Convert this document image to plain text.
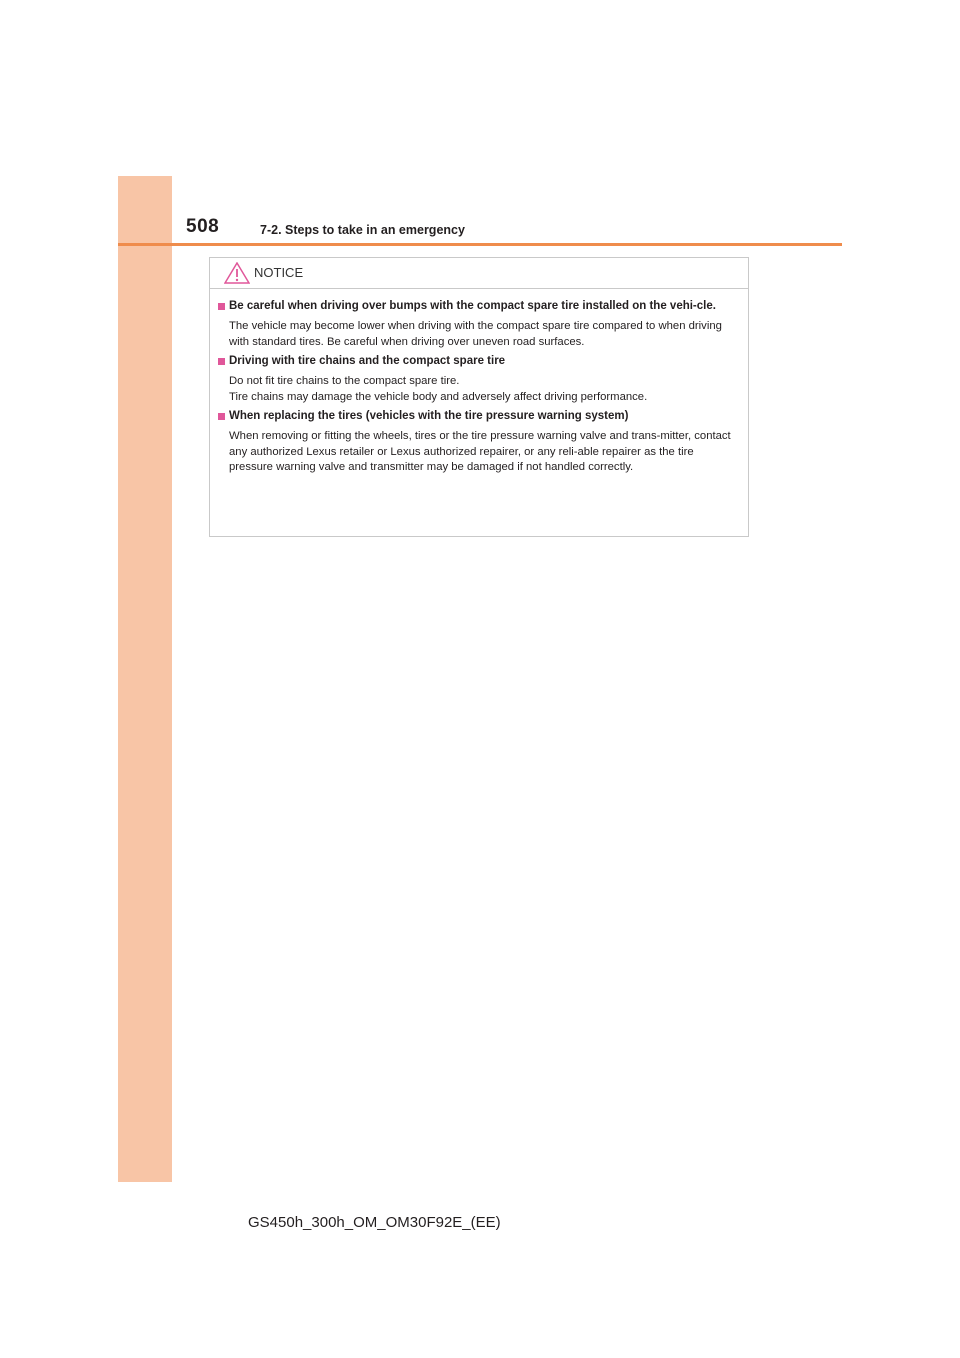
508	7-2. Steps to take in an emergency
NOTICE
Be careful when driving over bumps with the compact spare tire installed on the vehi-cle.

The vehicle may become lower when driving with the compact spare tire compared to when driving with standard tires. Be careful when driving over uneven road surfaces.

Driving with tire chains and the compact spare tire

Do not fit tire chains to the compact spare tire.

Tire chains may damage the vehicle body and adversely affect driving performance.

When replacing the tires (vehicles with the tire pressure warning system)

When removing or fitting the wheels, tires or the tire pressure warning valve and trans-mitter, contact any authorized Lexus retailer or Lexus authorized repairer, or any reli-able repairer as the tire pressure warning valve and transmitter may be damaged if not handled correctly.

GS450h_300h_OM_OM30F92E_(EE)
